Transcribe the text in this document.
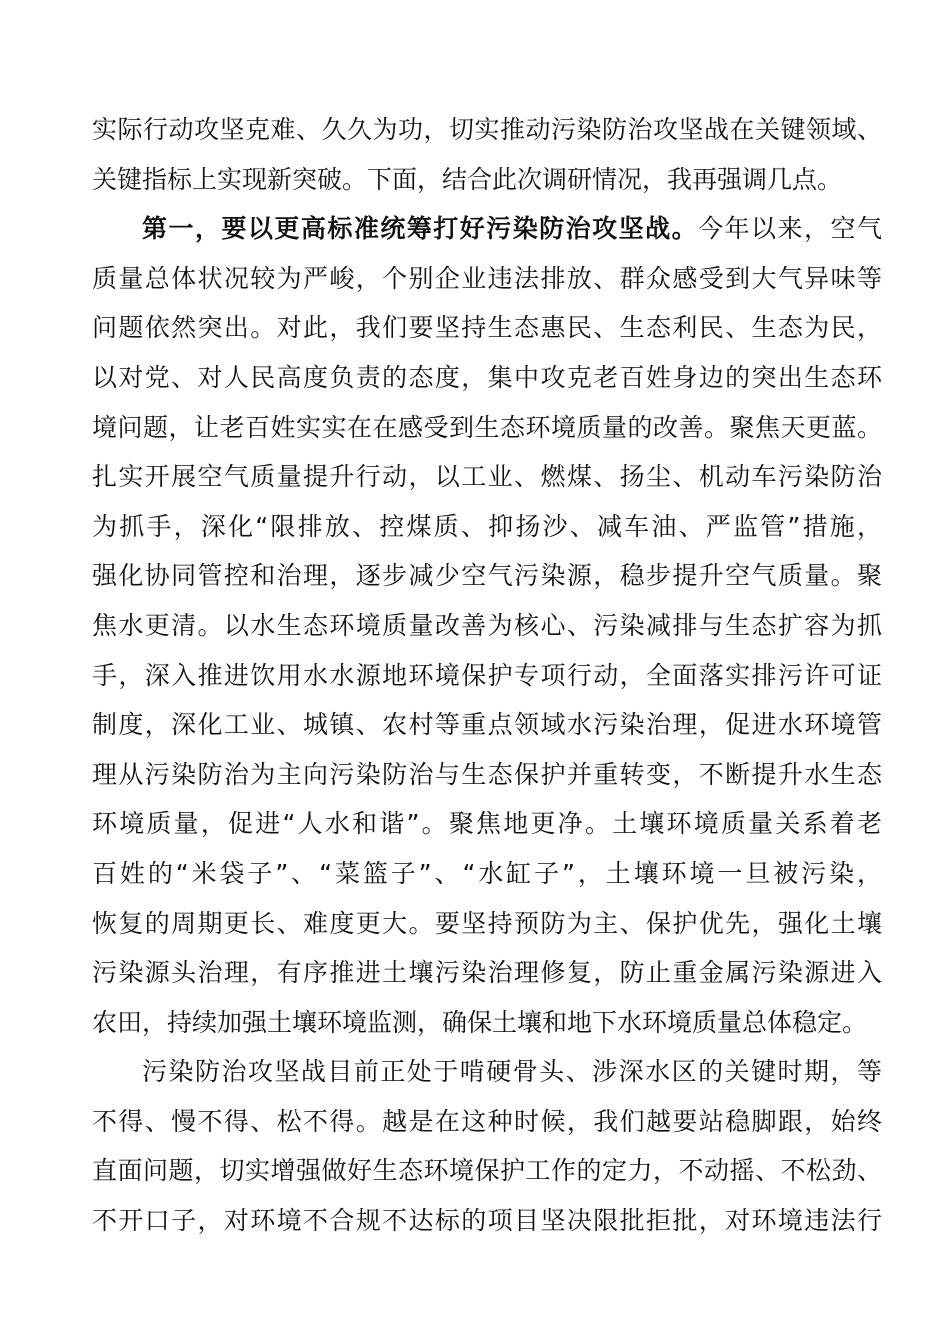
实际行动攻坚克难、久久为功，切实推动污染防治攻坚战在关键领域、
关键指标上实现新突破。下面，结合此次调研情况，我再强调几点。
第一，要以更高标准统筹打好污染防治攻坚战。今年以来，空气
质量总体状况较为严峻，个别企业违法排放、群众感受到大气异味等
问题依然突出。对此，我们要坚持生态惠民、生态利民、生态为民，
以对党、对人民高度负责的态度，集中攻克老百姓身边的突出生态环
境问题，让老百姓实实在在感受到生态环境质量的改善。聚焦天更蓝。
扎实开展空气质量提升行动，以工业、燃煤、扬尘、机动车污染防治
为抓手，深化“限排放、控煤质、抑扬沙、减车油、严监管”措施，
强化协同管控和治理，逐步减少空气污染源，稳步提升空气质量。聚
焦水更清。以水生态环境质量改善为核心、污染减排与生态扩容为抓
手，深入推进饮用水水源地环境保护专项行动，全面落实排污许可证
制度，深化工业、城镇、农村等重点领域水污染治理，促进水环境管
理从污染防治为主向污染防治与生态保护并重转变，不断提升水生态
环境质量，促进“人水和谐”。聚焦地更净。土壤环境质量关系着老
百姓的“米袋子”、“菜篮子”、“水缸子”，土壤环境一旦被污染，
恢复的周期更长、难度更大。要坚持预防为主、保护优先，强化土壤
污染源头治理，有序推进土壤污染治理修复，防止重金属污染源进入
农田，持续加强土壤环境监测，确保土壤和地下水环境质量总体稳定。
污染防治攻坚战目前正处于啃硬骨头、涉深水区的关键时期，等
不得、慢不得、松不得。越是在这种时候，我们越要站稳脚跟，始终
直面问题，切实增强做好生态环境保护工作的定力，不动摇、不松劲、
不开口子，对环境不合规不达标的项目坚决限批拒批，对环境违法行
